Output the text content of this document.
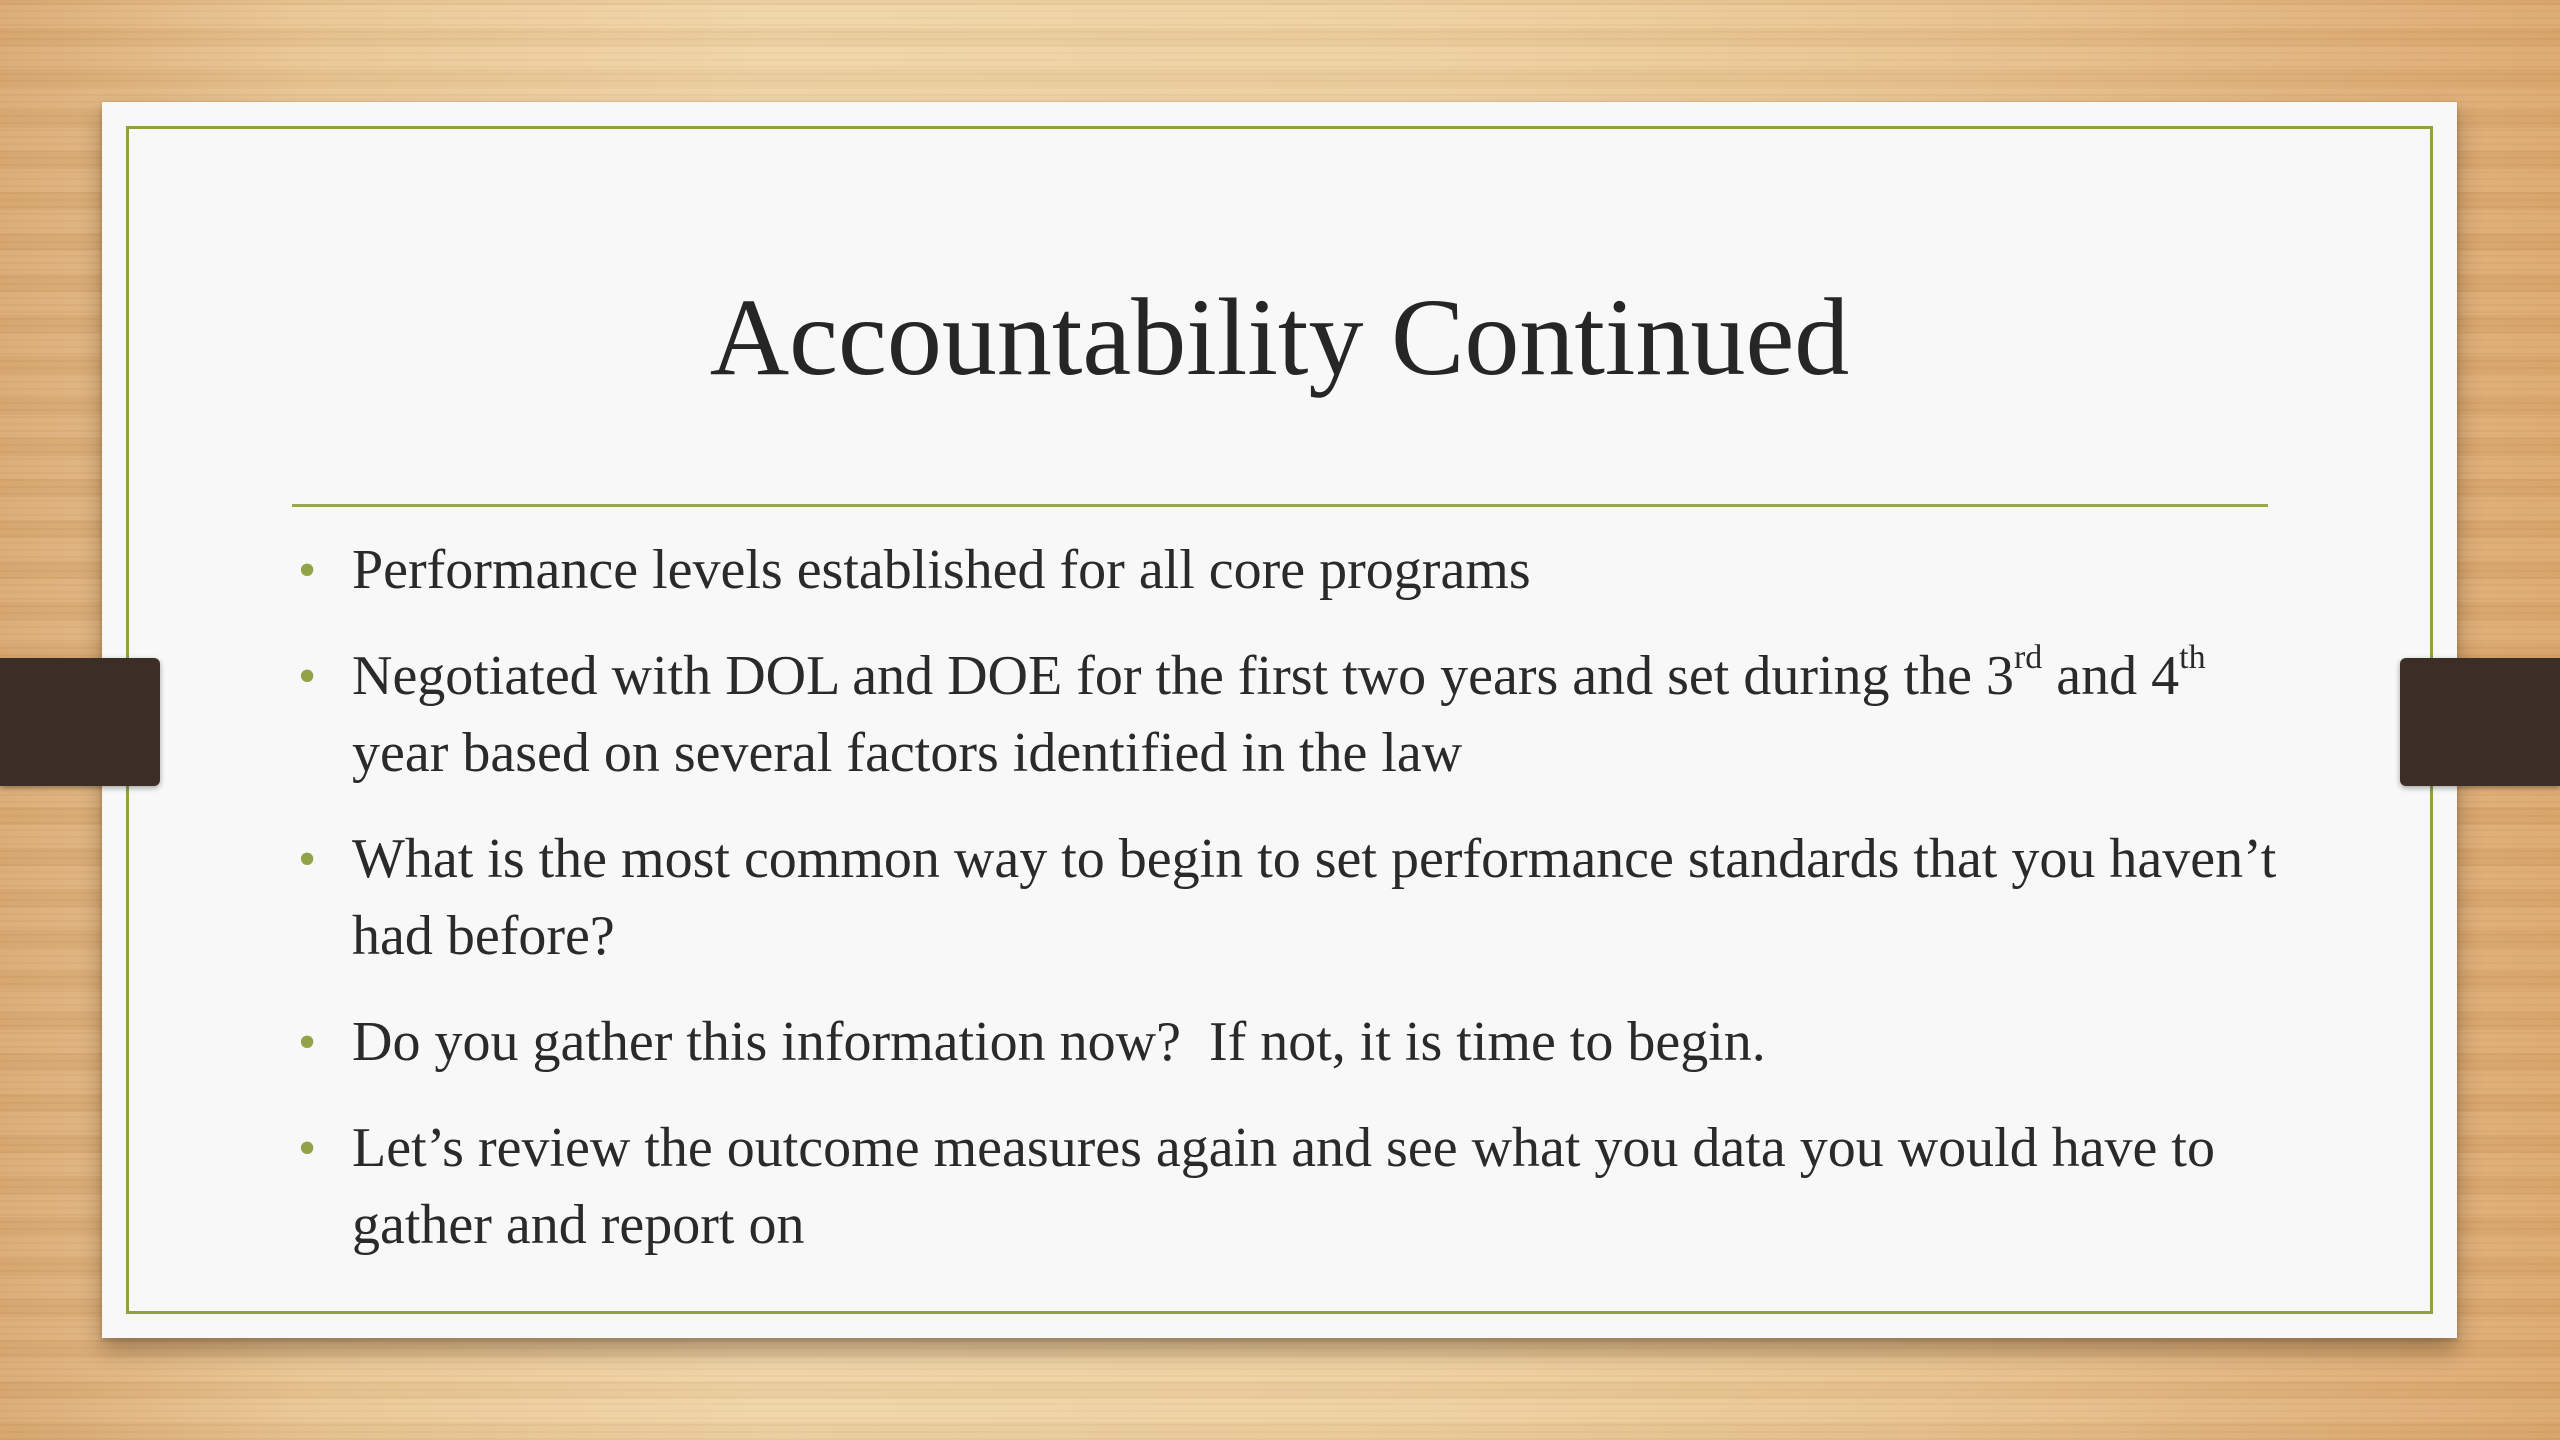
Accountability Continued
• Performance levels established for all core programs
• Negotiated with DOL and DOE for the first two years and set during the 3rd and 4th year based on several factors identified in the law
• What is the most common way to begin to set performance standards that you haven’t had before?
• Do you gather this information now?  If not, it is time to begin.
• Let’s review the outcome measures again and see what you data you would have to gather and report on
